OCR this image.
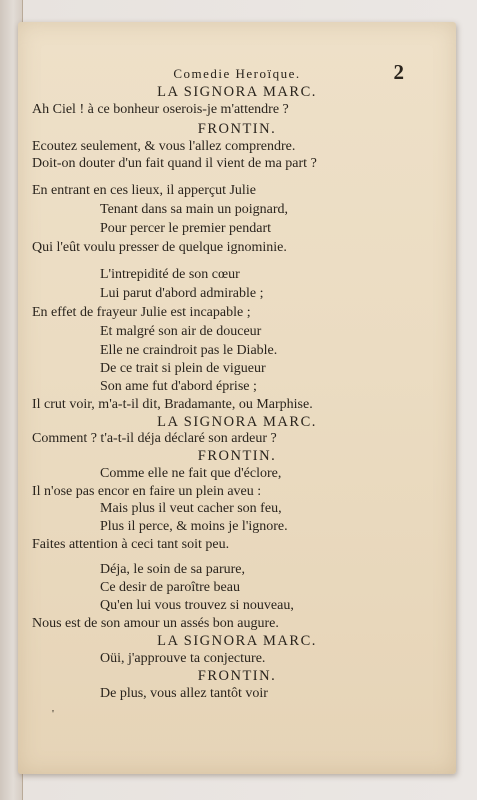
Comedie Heroïque.	2
LA SIGNORA MARC.
Ah Ciel ! à ce bonheur oserois-je m'attendre ?
FRONTIN.
Ecoutez seulement, & vous l'allez comprendre.
Doit-on douter d'un fait quand il vient de ma part ?
En entrant en ces lieux, il apperçut Julie
Tenant dans sa main un poignard,
Pour percer le premier pendart
Qui l'eût voulu presser de quelque ignominie.
L'intrepidité de son cœur
Lui parut d'abord admirable ;
En effet de frayeur Julie est incapable ;
Et malgré son air de douceur
Elle ne craindroit pas le Diable.
De ce trait si plein de vigueur
Son ame fut d'abord éprise ;
Il crut voir, m'a-t-il dit, Bradamante, ou Marphise.
LA SIGNORA MARC.
Comment ? t'a-t-il déja déclaré son ardeur ?
FRONTIN.
Comme elle ne fait que d'éclore,
Il n'ose pas encor en faire un plein aveu :
Mais plus il veut cacher son feu,
Plus il perce, & moins je l'ignore.
Faites attention à ceci tant soit peu.
Déja, le soin de sa parure,
Ce desir de paroître beau
Qu'en lui vous trouvez si nouveau,
Nous est de son amour un assés bon augure.
LA SIGNORA MARC.
Oüi, j'approuve ta conjecture.
FRONTIN.
De plus, vous allez tantôt voir
'
